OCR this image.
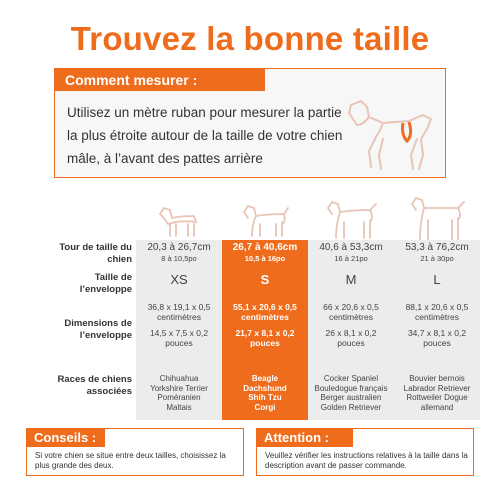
Trouvez la bonne taille
Comment mesurer :
Utilisez un mètre ruban pour mesurer la partie la plus étroite autour de la taille de votre chien mâle, à l’avant des pattes arrière
Tour de taille du chien
Taille de l’enveloppe
Dimensions de l’enveloppe
Races de chiens associées
20,3 à 26,7cm
8 à 10,5po
XS
36,8 x 19,1 x 0,5
centimètres
14,5 x 7,5 x 0,2
pouces
Chihuahua
Yorkshire Terrier
Poméranien
Maltais
26,7 à 40,6cm
10,5 à 16po
S
55,1 x 20,6 x 0,5
centimètres
21,7 x 8,1 x 0,2
pouces
Beagle
Dachshund
Shih Tzu
Corgi
40,6 à 53,3cm
16 à 21po
M
66 x 20,6 x 0,5
centimètres
26 x 8,1 x 0,2
pouces
Cocker Spaniel
Bouledogue français
Berger australien
Golden Retriever
53,3 à 76,2cm
21 à 30po
L
88,1 x 20,6 x 0,5
centimètres
34,7 x 8,1 x 0,2
pouces
Bouvier bernois
Labrador Retriever
Rottweiler Dogue
allemand
Conseils :
Si votre chien se situe entre deux tailles, choisissez la plus grande des deux.
Attention :
Veuillez vérifier les instructions relatives à la taille dans la description avant de passer commande.
